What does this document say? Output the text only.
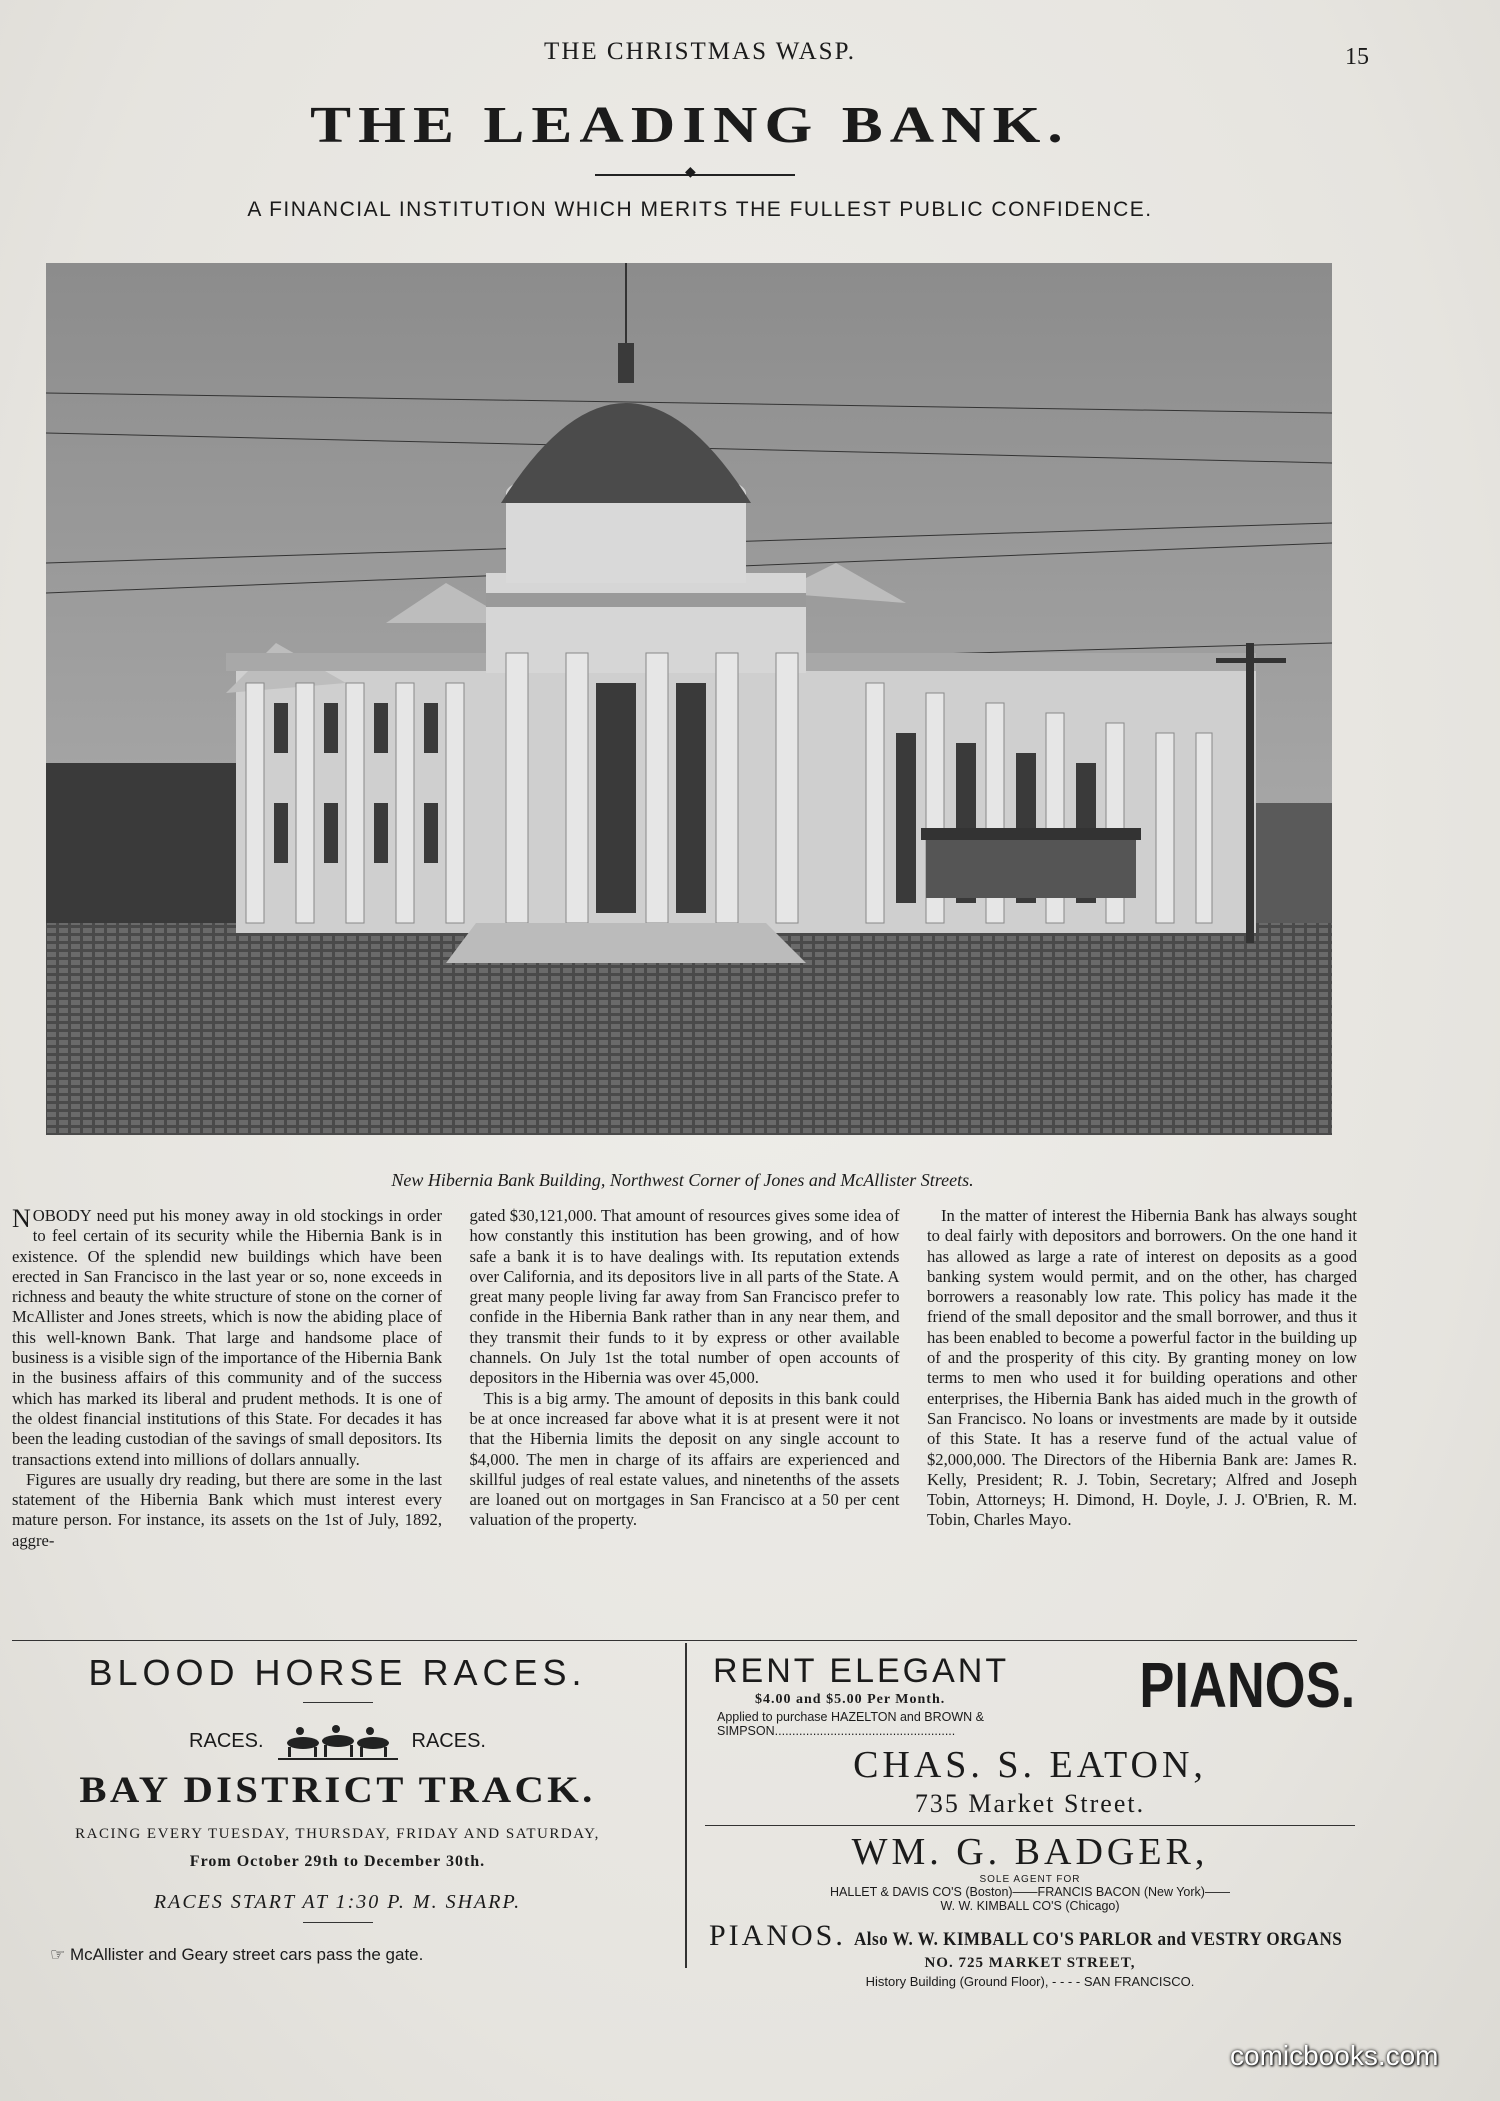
THE CHRISTMAS WASP.	15
THE LEADING BANK.
◆
A FINANCIAL INSTITUTION WHICH MERITS THE FULLEST PUBLIC CONFIDENCE.
New Hibernia Bank Building, Northwest Corner of Jones and McAllister Streets.

NOBODY need put his money away in old stockings in order to feel certain of its security while the Hibernia Bank is in existence. Of the splendid new buildings which have been erected in San Francisco in the last year or so, none exceeds in richness and beauty the white structure of stone on the corner of McAllister and Jones streets, which is now the abiding place of this well-known Bank. That large and handsome place of business is a visible sign of the importance of the Hibernia Bank in the business affairs of this community and of the success which has marked its liberal and prudent methods. It is one of the oldest financial institutions of this State. For decades it has been the leading custodian of the savings of small depositors. Its transactions extend into millions of dollars annually.

Figures are usually dry reading, but there are some in the last statement of the Hibernia Bank which must interest every mature person. For instance, its assets on the 1st of July, 1892, aggre-

gated $30,121,000. That amount of resources gives some idea of how constantly this institution has been growing, and of how safe a bank it is to have dealings with. Its reputation extends over California, and its depositors live in all parts of the State. A great many people living far away from San Francisco prefer to confide in the Hibernia Bank rather than in any near them, and they transmit their funds to it by express or other available channels. On July 1st the total number of open accounts of depositors in the Hibernia was over 45,000.

This is a big army. The amount of deposits in this bank could be at once increased far above what it is at present were it not that the Hibernia limits the deposit on any single account to $4,000. The men in charge of its affairs are experienced and skillful judges of real estate values, and ninetenths of the assets are loaned out on mortgages in San Francisco at a 50 per cent valuation of the property.

In the matter of interest the Hibernia Bank has always sought to deal fairly with depositors and borrowers. On the one hand it has allowed as large a rate of interest on deposits as a good banking system would permit, and on the other, has charged borrowers a reasonably low rate. This policy has made it the friend of the small depositor and the small borrower, and thus it has been enabled to become a powerful factor in the building up of and the prosperity of this city. By granting money on low terms to men who used it for building operations and other enterprises, the Hibernia Bank has aided much in the growth of San Francisco. No loans or investments are made by it outside of this State. It has a reserve fund of the actual value of $2,000,000. The Directors of the Hibernia Bank are: James R. Kelly, President; R. J. Tobin, Secretary; Alfred and Joseph Tobin, Attorneys; H. Dimond, H. Doyle, J. J. O'Brien, R. M. Tobin, Charles Mayo.

BLOOD HORSE RACES.
RACES.	RACES.
BAY DISTRICT TRACK.
RACING EVERY TUESDAY, THURSDAY, FRIDAY AND SATURDAY,
From October 29th to December 30th.
RACES START AT 1:30 P. M. SHARP.
☞ McAllister and Geary street cars pass the gate.
RENT ELEGANT
$4.00 and $5.00 Per Month.
Applied to purchase HAZELTON and BROWN & SIMPSON....................................................
PIANOS.
CHAS. S. EATON,
735 Market Street.
WM. G. BADGER,
SOLE AGENT FOR
HALLET & DAVIS CO'S (Boston)——FRANCIS BACON (New York)——
W. W. KIMBALL CO'S (Chicago)
PIANOS. Also W. W. KIMBALL CO'S PARLOR and VESTRY ORGANS
NO. 725 MARKET STREET,
History Building (Ground Floor), - - - - SAN FRANCISCO.
comicbooks.com
